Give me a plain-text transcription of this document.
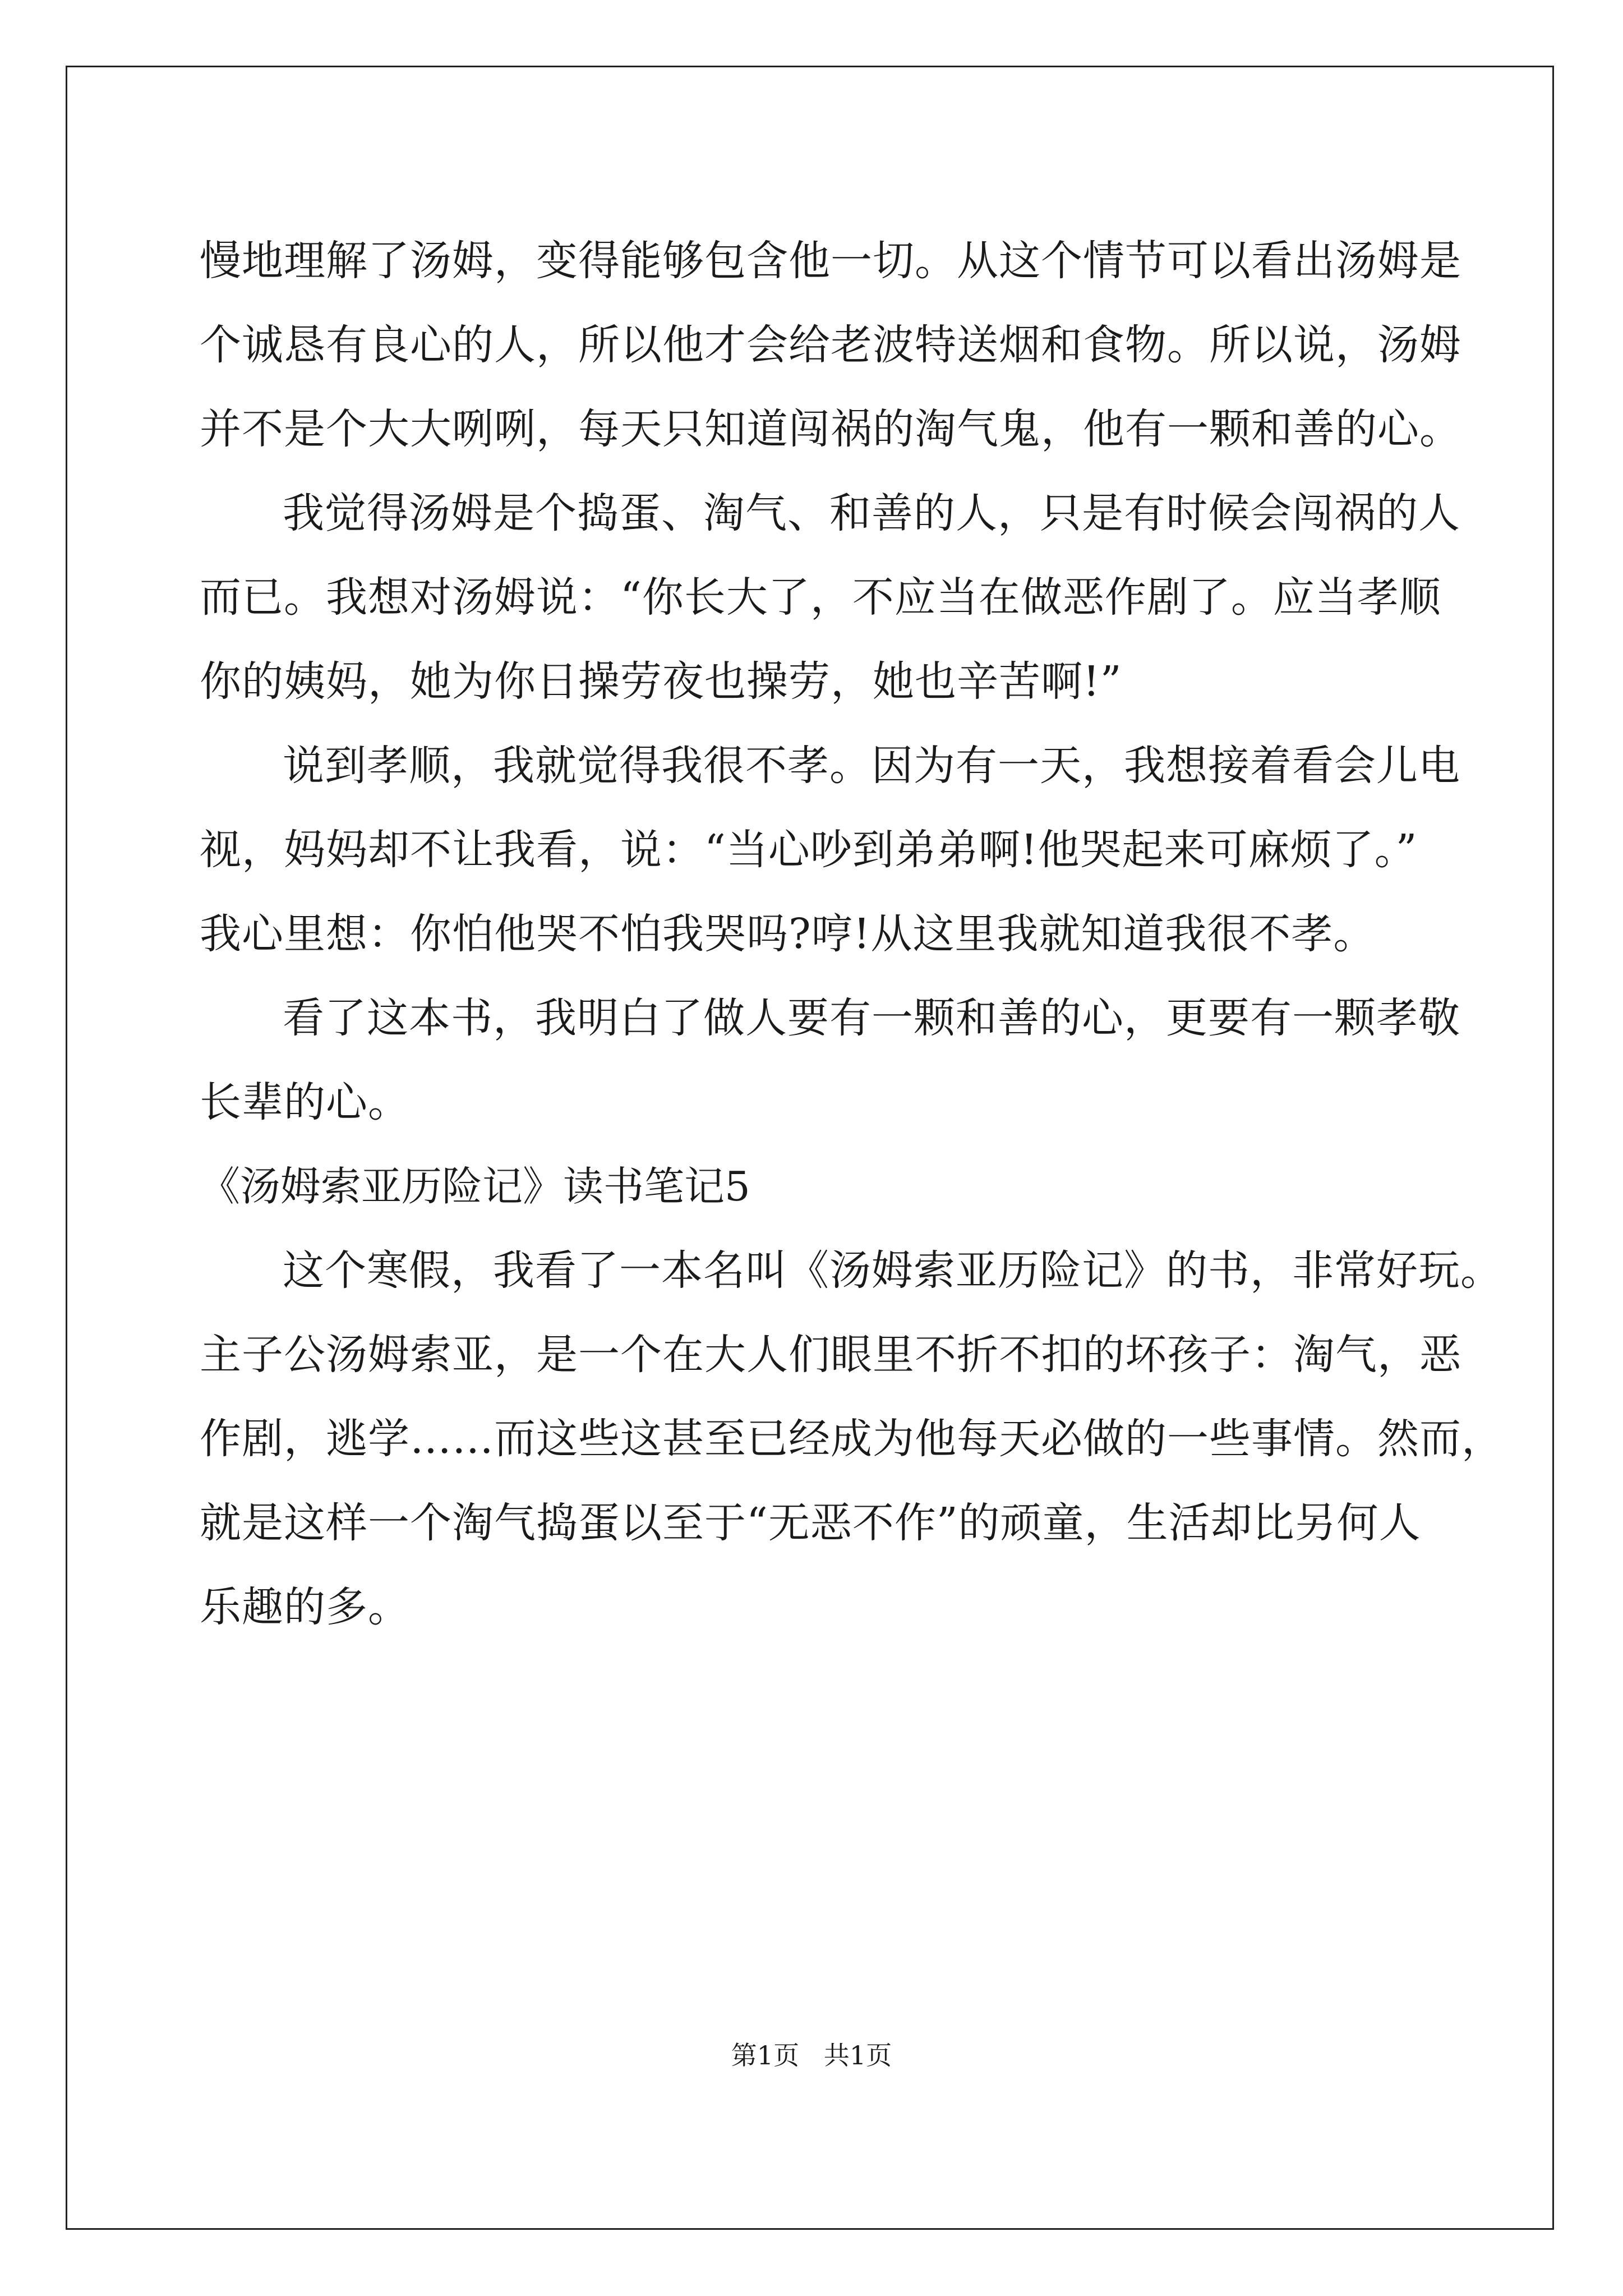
慢地理解了汤姆，变得能够包含他一切。从这个情节可以看出汤姆是
个诚恳有良心的人，所以他才会给老波特送烟和食物。所以说，汤姆
并不是个大大咧咧，每天只知道闯祸的淘气鬼，他有一颗和善的心。
我觉得汤姆是个捣蛋、淘气、和善的人，只是有时候会闯祸的人
而已。我想对汤姆说：“你长大了，不应当在做恶作剧了。应当孝顺
你的姨妈，她为你日操劳夜也操劳，她也辛苦啊!”
说到孝顺，我就觉得我很不孝。因为有一天，我想接着看会儿电
视，妈妈却不让我看，说：“当心吵到弟弟啊!他哭起来可麻烦了。”
我心里想：你怕他哭不怕我哭吗?哼!从这里我就知道我很不孝。
看了这本书，我明白了做人要有一颗和善的心，更要有一颗孝敬
长辈的心。
《汤姆索亚历险记》读书笔记5
这个寒假，我看了一本名叫《汤姆索亚历险记》的书，非常好玩。
主子公汤姆索亚，是一个在大人们眼里不折不扣的坏孩子：淘气，恶
作剧，逃学……而这些这甚至已经成为他每天必做的一些事情。然而，
就是这样一个淘气捣蛋以至于“无恶不作”的顽童，生活却比另何人
乐趣的多。
第1页   共1页
